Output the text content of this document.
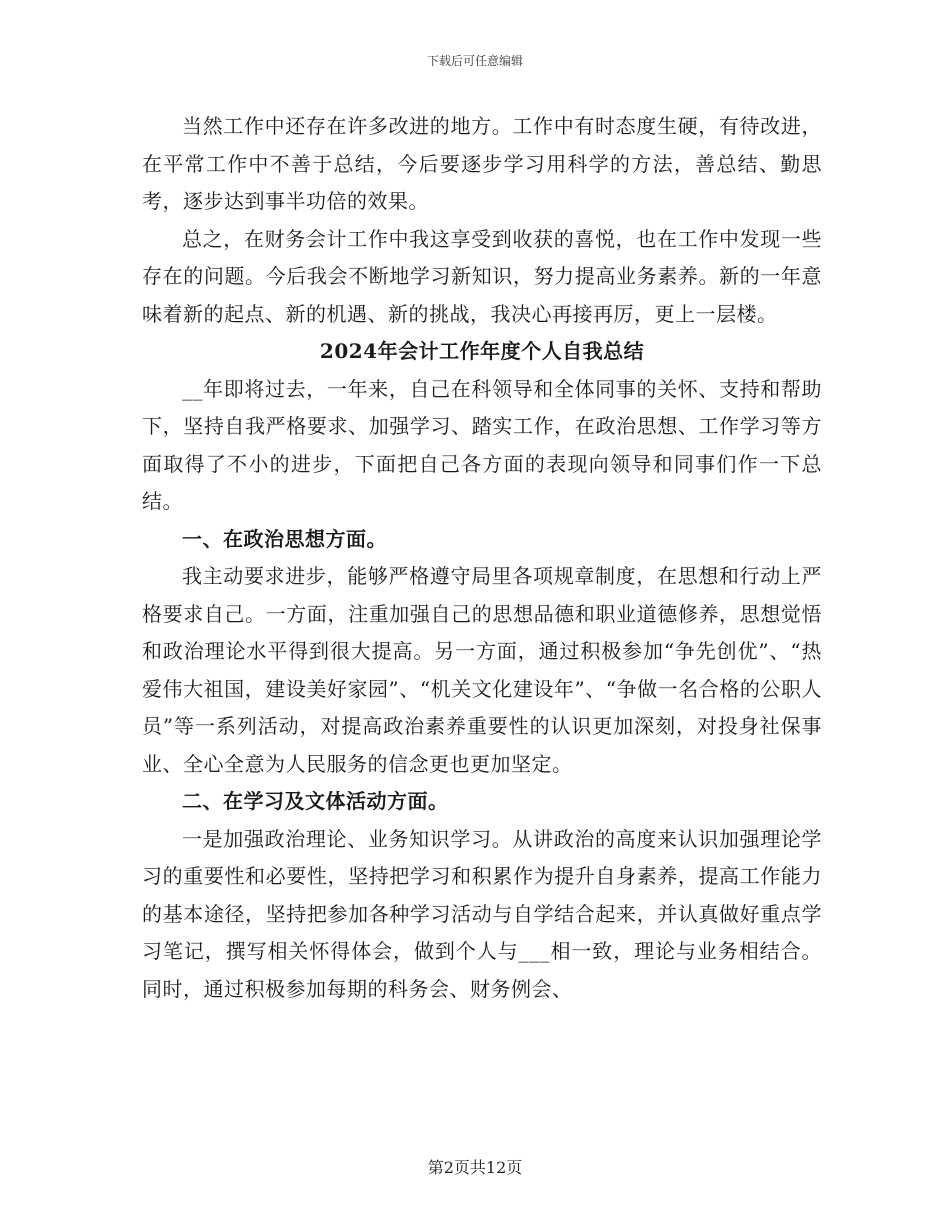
下载后可任意编辑

当然工作中还存在许多改进的地方。工作中有时态度生硬，有待改进，在平常工作中不善于总结，今后要逐步学习用科学的方法，善总结、勤思考，逐步达到事半功倍的效果。

总之，在财务会计工作中我这享受到收获的喜悦，也在工作中发现一些存在的问题。今后我会不断地学习新知识，努力提高业务素养。新的一年意味着新的起点、新的机遇、新的挑战，我决心再接再厉，更上一层楼。

2024年会计工作年度个人自我总结

__年即将过去，一年来，自己在科领导和全体同事的关怀、支持和帮助下，坚持自我严格要求、加强学习、踏实工作，在政治思想、工作学习等方面取得了不小的进步，下面把自己各方面的表现向领导和同事们作一下总结。

一、在政治思想方面。

我主动要求进步，能够严格遵守局里各项规章制度，在思想和行动上严格要求自己。一方面，注重加强自己的思想品德和职业道德修养，思想觉悟和政治理论水平得到很大提高。另一方面，通过积极参加“争先创优”、“热爱伟大祖国，建设美好家园”、“机关文化建设年”、“争做一名合格的公职人员”等一系列活动，对提高政治素养重要性的认识更加深刻，对投身社保事业、全心全意为人民服务的信念更也更加坚定。

二、在学习及文体活动方面。

一是加强政治理论、业务知识学习。从讲政治的高度来认识加强理论学习的重要性和必要性，坚持把学习和积累作为提升自身素养，提高工作能力的基本途径，坚持把参加各种学习活动与自学结合起来，并认真做好重点学习笔记，撰写相关怀得体会，做到个人与___相一致，理论与业务相结合。同时，通过积极参加每期的科务会、财务例会、

第2页共12页
